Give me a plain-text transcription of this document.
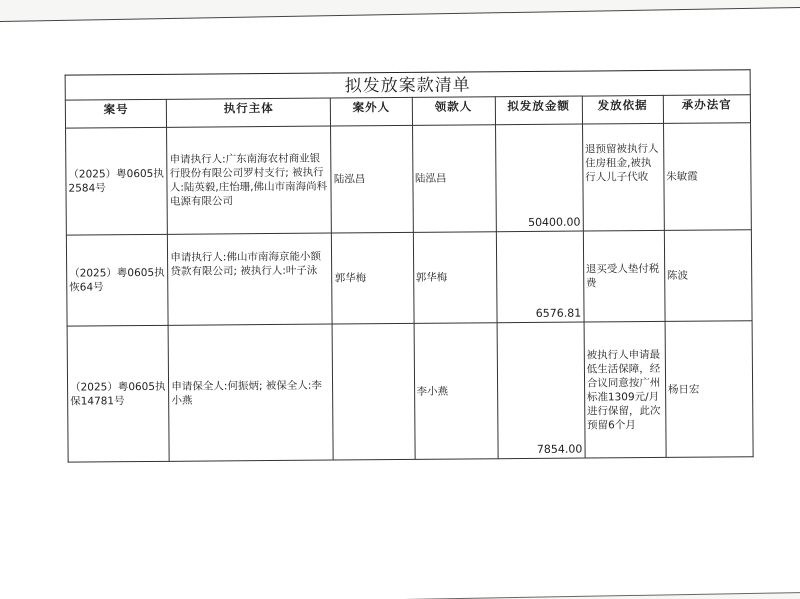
拟发放案款清单						
案号	执行主体	案外人	领款人	拟发放金额	发放依据	承办法官
（2025）粤0605执2584号	申请执行人:广东南海农村商业银行股份有限公司罗村支行; 被执行人:陆英毅,庄怡珊,佛山市南海尚科电源有限公司	陆泓昌	陆泓昌	50400.00	退预留被执行人住房租金,被执行人儿子代收	朱敏霞
（2025）粤0605执恢64号	申请执行人:佛山市南海京能小额贷款有限公司; 被执行人:叶子泳	郭华梅	郭华梅	6576.81	退买受人垫付税费	陈波
（2025）粤0605执保14781号	申请保全人:何振炳; 被保全人:李小燕		李小燕	7854.00	被执行人申请最低生活保障，经合议同意按广州标准1309元/月进行保留，此次预留6个月	杨日宏
